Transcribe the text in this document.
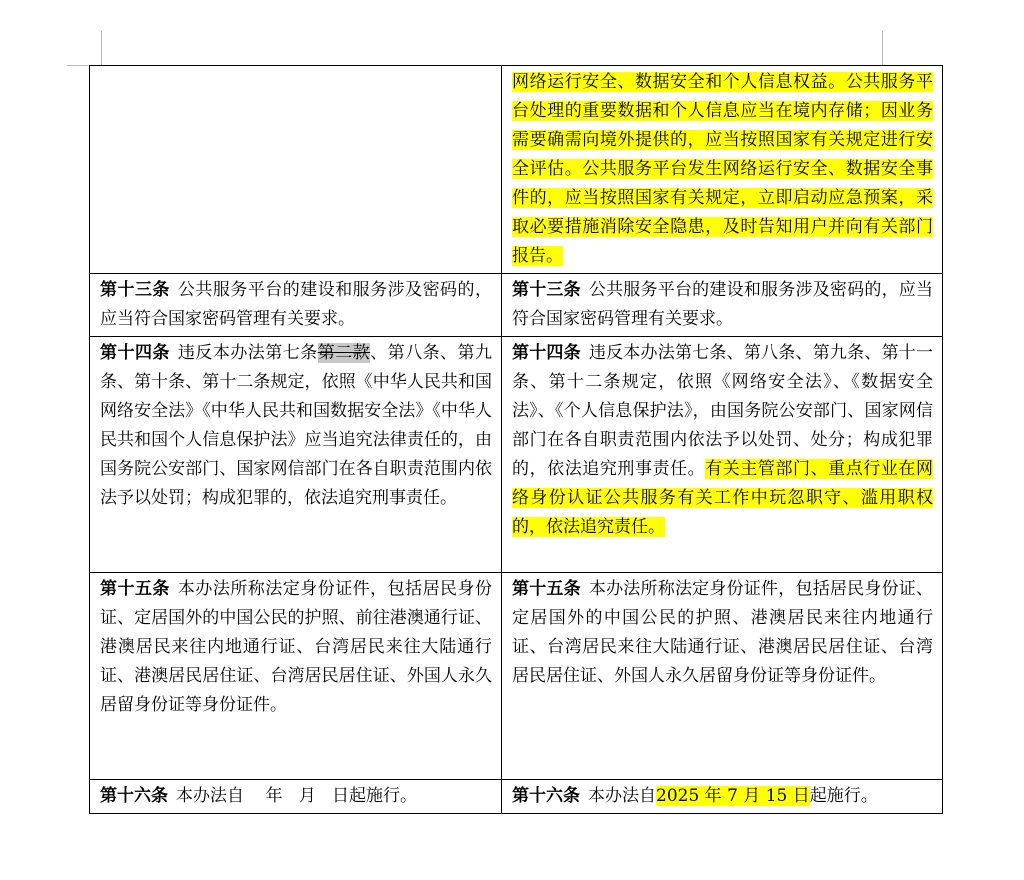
	网络运行安全、数据安全和个人信息权益。公共服务平台处理的重要数据和个人信息应当在境内存储；因业务需要确需向境外提供的，应当按照国家有关规定进行安全评估。公共服务平台发生网络运行安全、数据安全事件的，应当按照国家有关规定，立即启动应急预案，采取必要措施消除安全隐患，及时告知用户并向有关部门报告。
第十三条 公共服务平台的建设和服务涉及密码的，应当符合国家密码管理有关要求。	第十三条 公共服务平台的建设和服务涉及密码的，应当符合国家密码管理有关要求。
第十四条 违反本办法第七条第二款、第八条、第九条、第十条、第十二条规定，依照《中华人民共和国网络安全法》《中华人民共和国数据安全法》《中华人民共和国个人信息保护法》应当追究法律责任的，由国务院公安部门、国家网信部门在各自职责范围内依法予以处罚；构成犯罪的，依法追究刑事责任。	第十四条 违反本办法第七条、第八条、第九条、第十一条、第十二条规定，依照《网络安全法》、《数据安全法》、《个人信息保护法》，由国务院公安部门、国家网信部门在各自职责范围内依法予以处罚、处分；构成犯罪的，依法追究刑事责任。有关主管部门、重点行业在网络身份认证公共服务有关工作中玩忽职守、滥用职权的，依法追究责任。
第十五条 本办法所称法定身份证件，包括居民身份证、定居国外的中国公民的护照、前往港澳通行证、港澳居民来往内地通行证、台湾居民来往大陆通行证、港澳居民居住证、台湾居民居住证、外国人永久居留身份证等身份证件。	第十五条 本办法所称法定身份证件，包括居民身份证、定居国外的中国公民的护照、港澳居民来往内地通行证、台湾居民来往大陆通行证、港澳居民居住证、台湾居民居住证、外国人永久居留身份证等身份证件。
第十六条 本办法自    年   月   日起施行。	第十六条 本办法自2025 年 7 月 15 日起施行。
